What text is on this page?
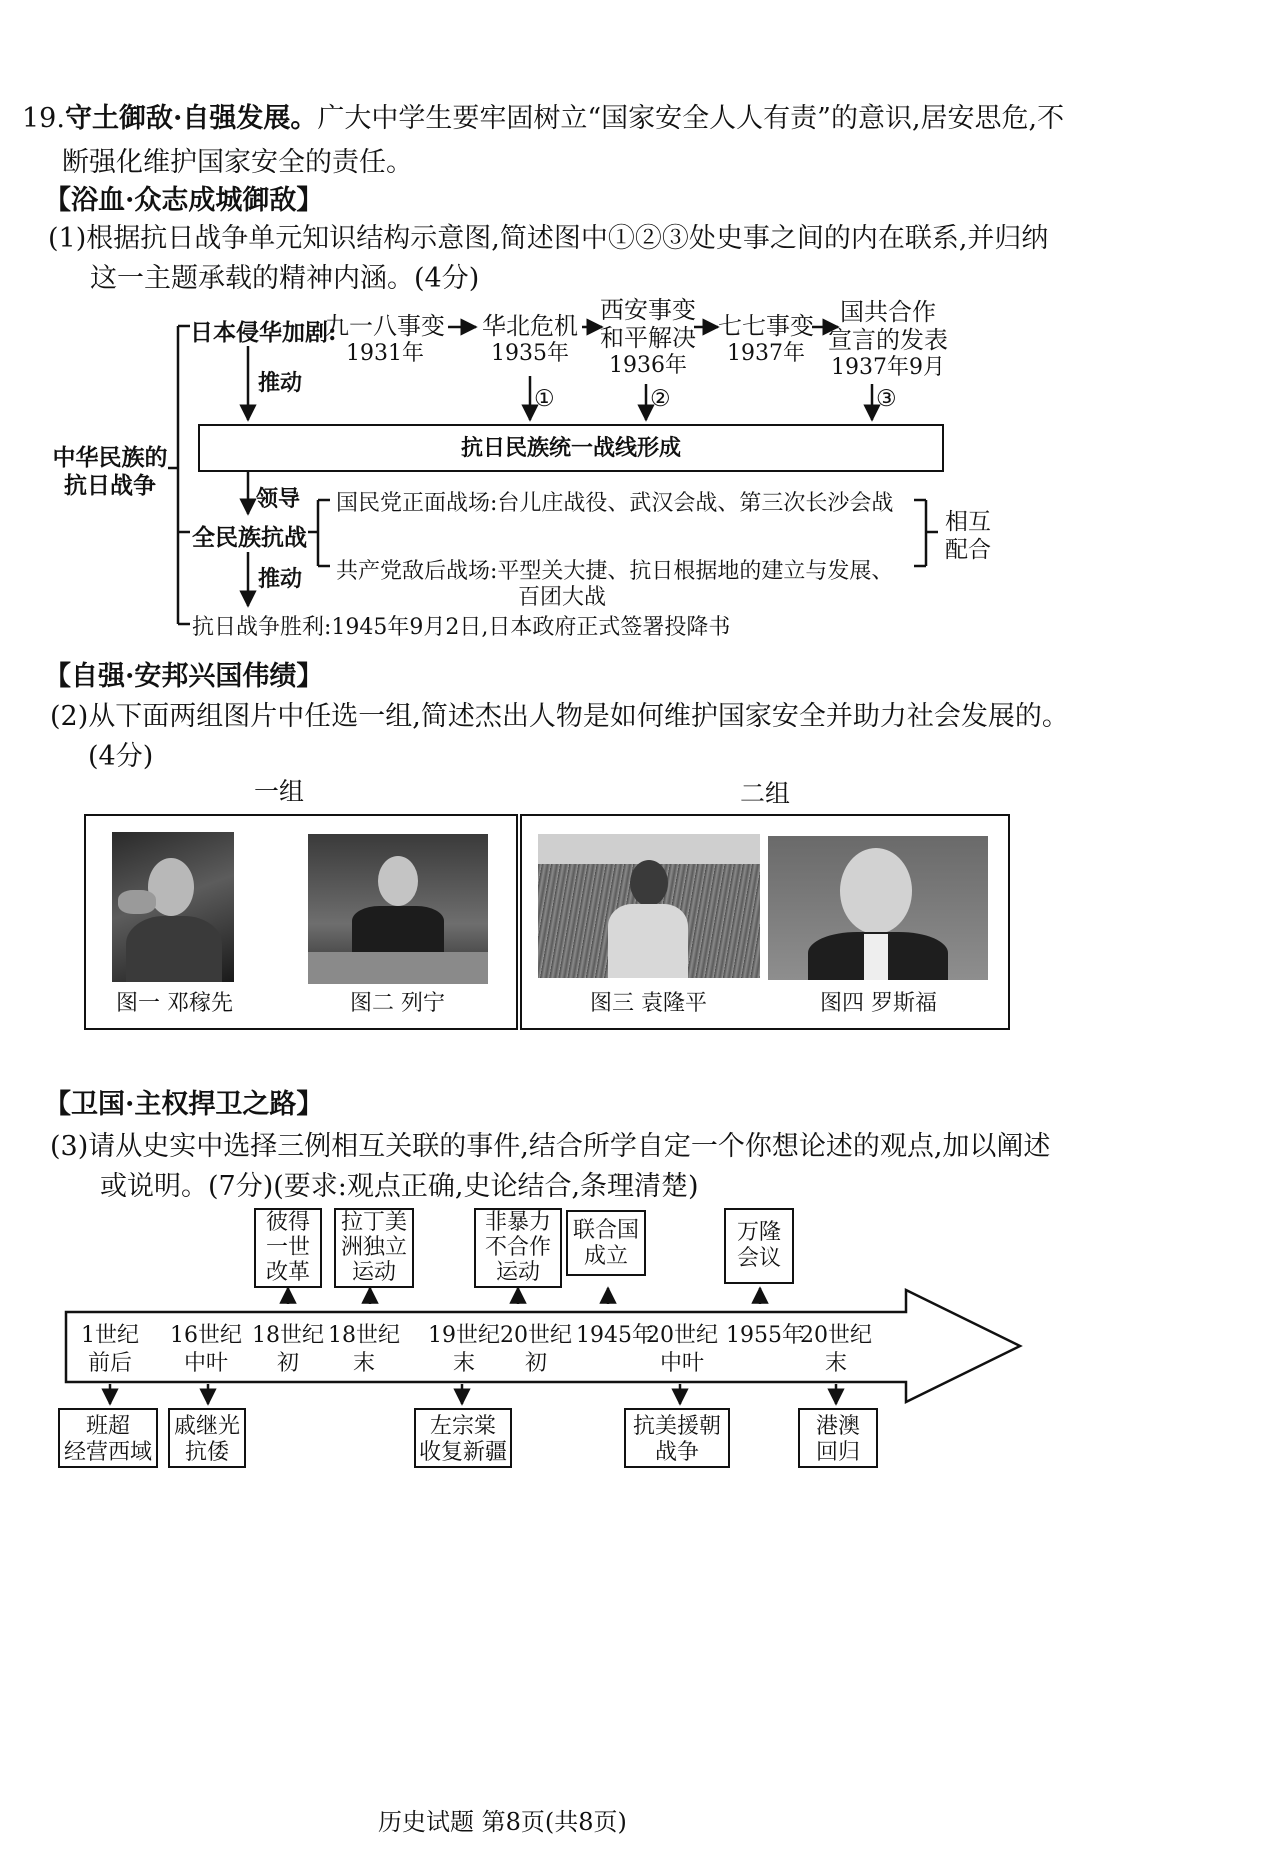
19.守土御敌·自强发展。广大中学生要牢固树立“国家安全人人有责”的意识,居安思危,不
断强化维护国家安全的责任。
【浴血·众志成城御敌】
(1)根据抗日战争单元知识结构示意图,简述图中①②③处史事之间的内在联系,并归纳
这一主题承载的精神内涵。(4分)
中华民族的
抗日战争
日本侵华加剧:
九一八事变
1931年
华北危机
1935年
西安事变
和平解决
1936年
七七事变
1937年
国共合作
宣言的发表
1937年9月
①	②	③
推动
抗日民族统一战线形成
领导
全民族抗战
国民党正面战场:台儿庄战役、武汉会战、第三次长沙会战
共产党敌后战场:平型关大捷、抗日根据地的建立与发展、
百团大战
相互
配合
推动
抗日战争胜利:1945年9月2日,日本政府正式签署投降书
【自强·安邦兴国伟绩】
(2)从下面两组图片中任选一组,简述杰出人物是如何维护国家安全并助力社会发展的。
(4分)
一组	二组
图一 邓稼先	图二 列宁	图三 袁隆平	图四 罗斯福
【卫国·主权捍卫之路】
(3)请从史实中选择三例相互关联的事件,结合所学自定一个你想论述的观点,加以阐述
或说明。(7分)(要求:观点正确,史论结合,条理清楚)
彼得
一世
改革
拉丁美
洲独立
运动
非暴力
不合作
运动
联合国
成立
万隆
会议
1世纪
前后
16世纪
中叶
18世纪
初
18世纪
末
19世纪
末
20世纪
初
1945年
20世纪
中叶
1955年
20世纪
末
班超
经营西域
戚继光
抗倭
左宗棠
收复新疆
抗美援朝
战争
港澳
回归
历史试题 第8页(共8页)
